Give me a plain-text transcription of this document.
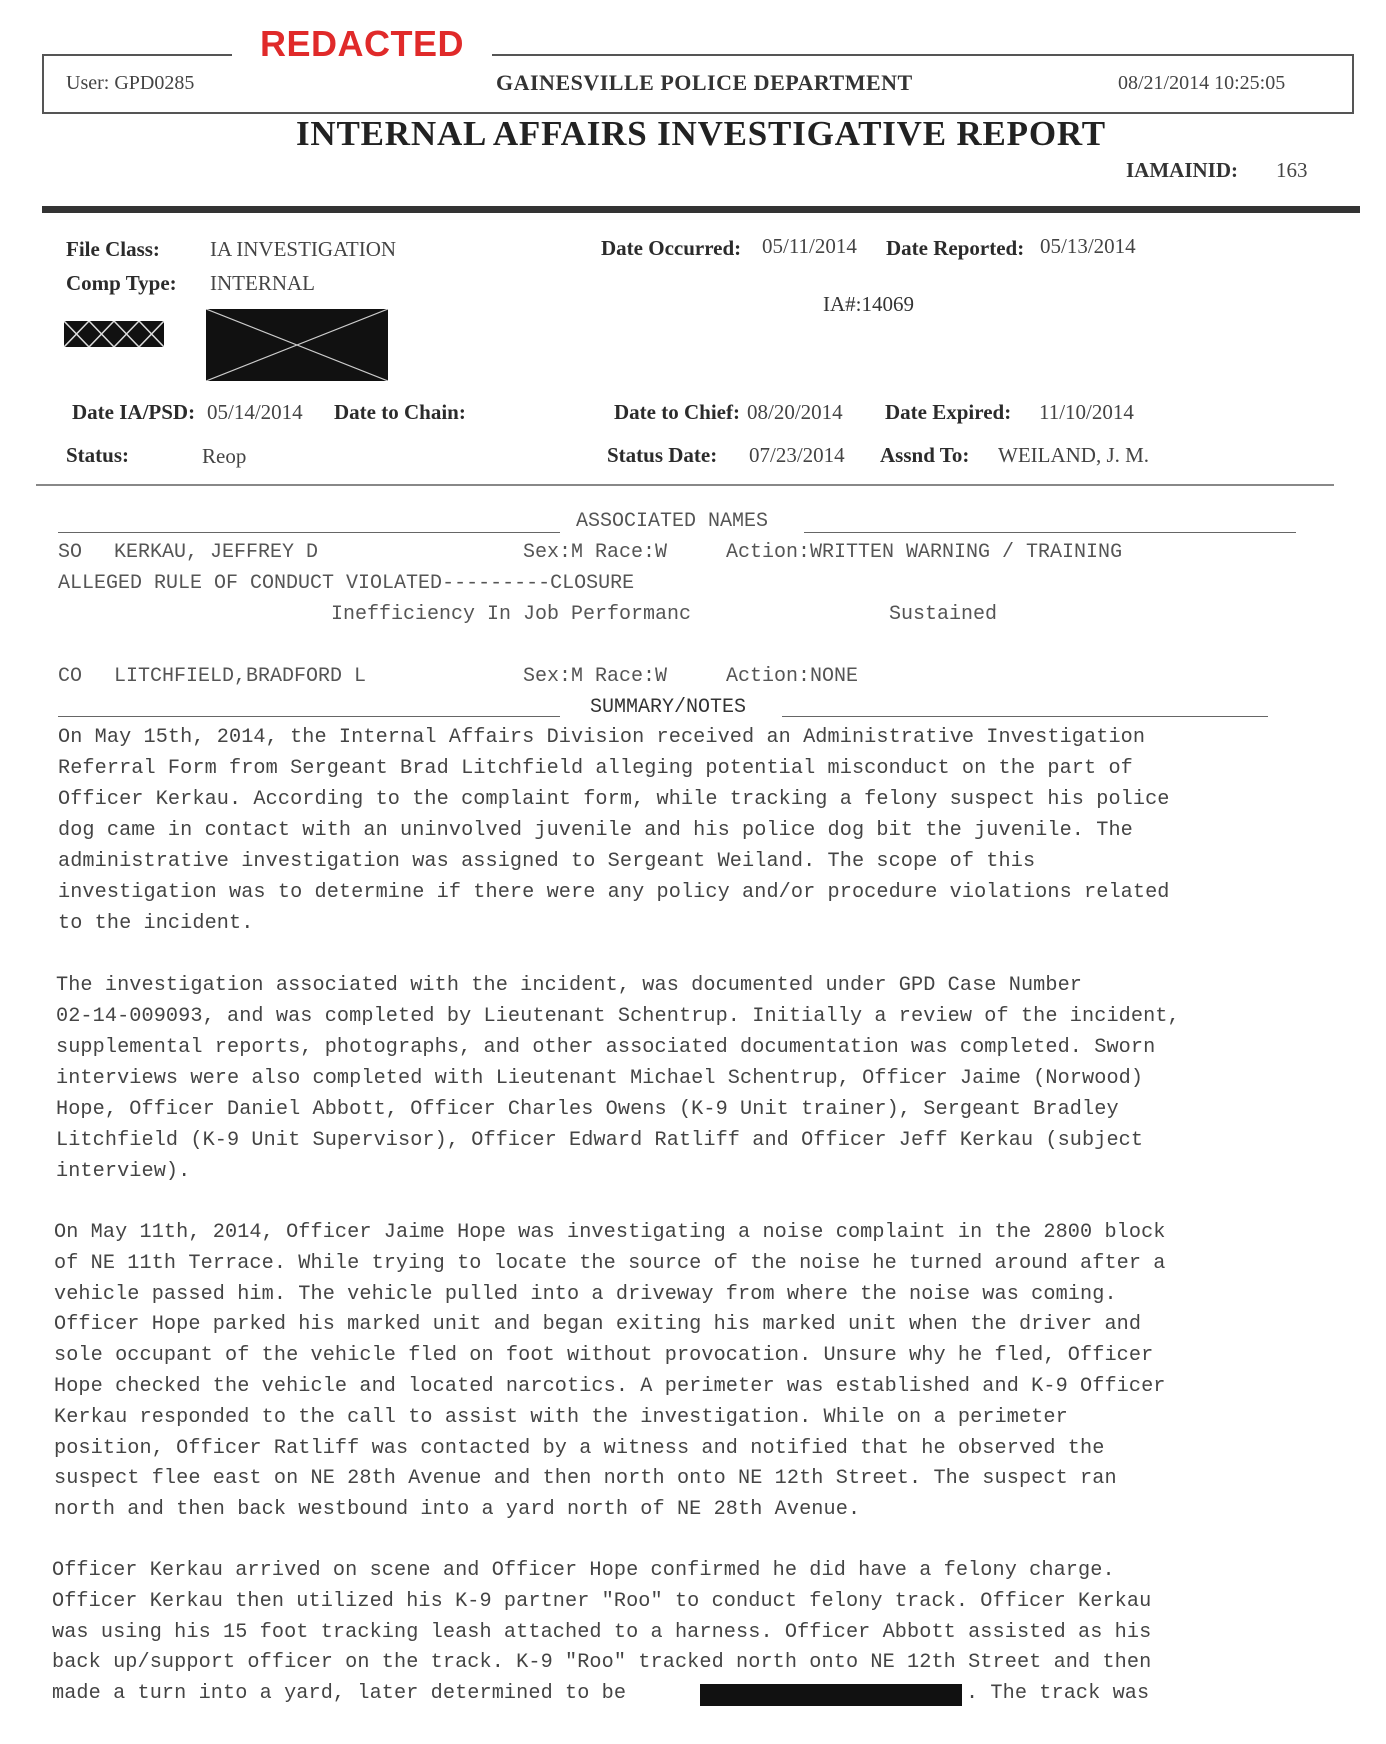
REDACTED
User: GPD0285	GAINESVILLE POLICE DEPARTMENT	08/21/2014 10:25:05
INTERNAL AFFAIRS INVESTIGATIVE REPORT
IAMAINID: 163
File Class: IA INVESTIGATION
Comp Type: INTERNAL
Date Occurred: 05/11/2014 Date Reported: 05/13/2014
IA#:14069
Date IA/PSD: 05/14/2014 Date to Chain:	Date to Chief: 08/20/2014 Date Expired: 11/10/2014
Status:	Reop	Status Date: 07/23/2014 Assnd To: WEILAND, J. M.
ASSOCIATED NAMES
SO KERKAU, JEFFREY D	Sex:M Race:W	Action:WRITTEN WARNING / TRAINING
ALLEGED RULE OF CONDUCT VIOLATED---------CLOSURE
Inefficiency In Job Performanc	Sustained
CO LITCHFIELD,BRADFORD L	Sex:M Race:W	Action:NONE
SUMMARY/NOTES
On May 15th, 2014, the Internal Affairs Division received an Administrative Investigation
Referral Form from Sergeant Brad Litchfield alleging potential misconduct on the part of
Officer Kerkau. According to the complaint form, while tracking a felony suspect his police
dog came in contact with an uninvolved juvenile and his police dog bit the juvenile. The
administrative investigation was assigned to Sergeant Weiland. The scope of this
investigation was to determine if there were any policy and/or procedure violations related
to the incident.
The investigation associated with the incident, was documented under GPD Case Number
02-14-009093, and was completed by Lieutenant Schentrup. Initially a review of the incident,
supplemental reports, photographs, and other associated documentation was completed. Sworn
interviews were also completed with Lieutenant Michael Schentrup, Officer Jaime (Norwood)
Hope, Officer Daniel Abbott, Officer Charles Owens (K-9 Unit trainer), Sergeant Bradley
Litchfield (K-9 Unit Supervisor), Officer Edward Ratliff and Officer Jeff Kerkau (subject
interview).
On May 11th, 2014, Officer Jaime Hope was investigating a noise complaint in the 2800 block
of NE 11th Terrace. While trying to locate the source of the noise he turned around after a
vehicle passed him. The vehicle pulled into a driveway from where the noise was coming.
Officer Hope parked his marked unit and began exiting his marked unit when the driver and
sole occupant of the vehicle fled on foot without provocation. Unsure why he fled, Officer
Hope checked the vehicle and located narcotics. A perimeter was established and K-9 Officer
Kerkau responded to the call to assist with the investigation. While on a perimeter
position, Officer Ratliff was contacted by a witness and notified that he observed the
suspect flee east on NE 28th Avenue and then north onto NE 12th Street. The suspect ran
north and then back westbound into a yard north of NE 28th Avenue.
Officer Kerkau arrived on scene and Officer Hope confirmed he did have a felony charge.
Officer Kerkau then utilized his K-9 partner "Roo" to conduct felony track. Officer Kerkau
was using his 15 foot tracking leash attached to a harness. Officer Abbott assisted as his
back up/support officer on the track. K-9 "Roo" tracked north onto NE 12th Street and then
made a turn into a yard, later determined to be	. The track was
